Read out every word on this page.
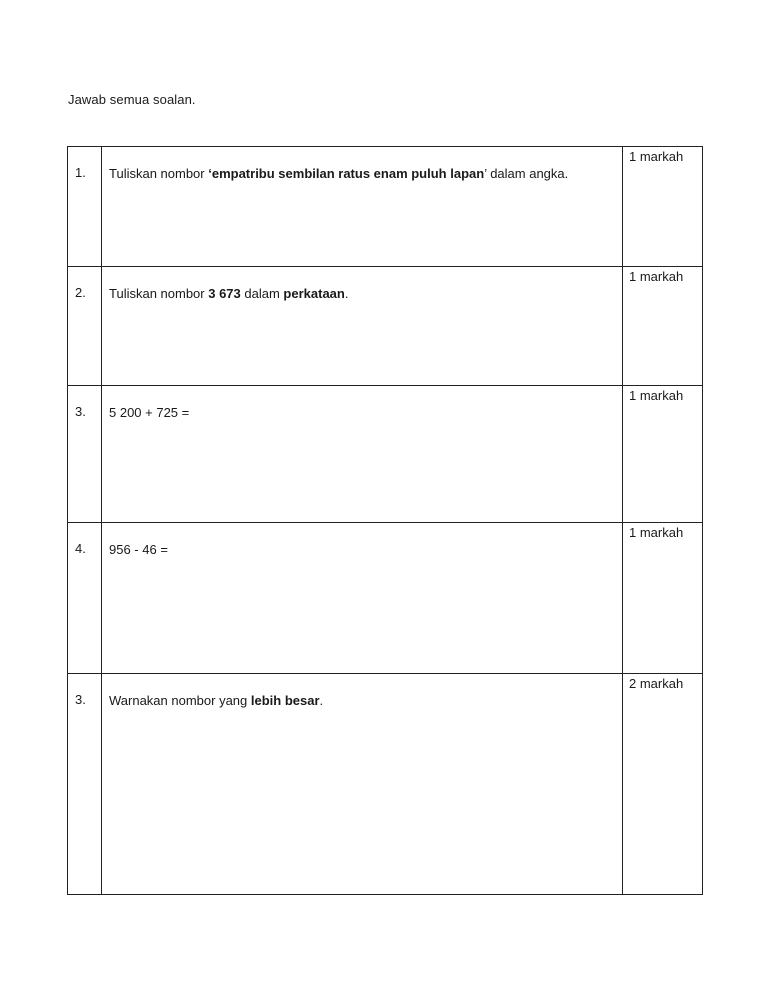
Jawab semua soalan.
1.	Tuliskan nombor ‘empatribu sembilan ratus enam puluh lapan’ dalam angka.	1 markah

2.	Tuliskan nombor 3 673 dalam perkataan.	1 markah

3.	5 200 + 725 =	1 markah

4.	956 - 46 =	1 markah

3.	Warnakan nombor yang lebih besar.	2 markah
